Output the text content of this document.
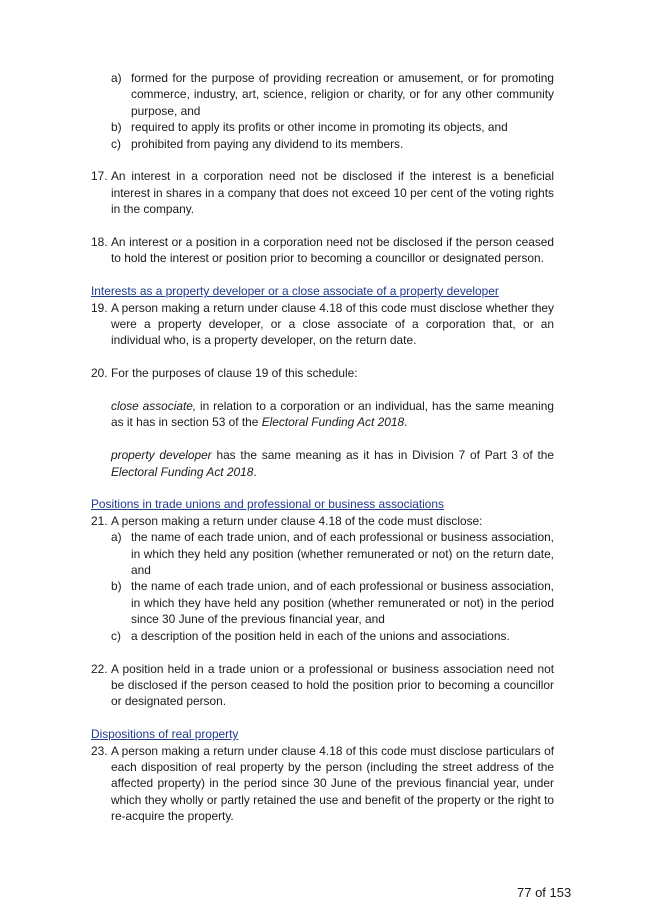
a) formed for the purpose of providing recreation or amusement, or for promoting commerce, industry, art, science, religion or charity, or for any other community purpose, and

b) required to apply its profits or other income in promoting its objects, and

c) prohibited from paying any dividend to its members.

17. An interest in a corporation need not be disclosed if the interest is a beneficial interest in shares in a company that does not exceed 10 per cent of the voting rights in the company.

18. An interest or a position in a corporation need not be disclosed if the person ceased to hold the interest or position prior to becoming a councillor or designated person.

Interests as a property developer or a close associate of a property developer

19. A person making a return under clause 4.18 of this code must disclose whether they were a property developer, or a close associate of a corporation that, or an individual who, is a property developer, on the return date.

20. For the purposes of clause 19 of this schedule:

close associate, in relation to a corporation or an individual, has the same meaning as it has in section 53 of the Electoral Funding Act 2018.

property developer has the same meaning as it has in Division 7 of Part 3 of the Electoral Funding Act 2018.

Positions in trade unions and professional or business associations

21. A person making a return under clause 4.18 of the code must disclose:

a) the name of each trade union, and of each professional or business association, in which they held any position (whether remunerated or not) on the return date, and

b) the name of each trade union, and of each professional or business association, in which they have held any position (whether remunerated or not) in the period since 30 June of the previous financial year, and

c) a description of the position held in each of the unions and associations.

22. A position held in a trade union or a professional or business association need not be disclosed if the person ceased to hold the position prior to becoming a councillor or designated person.

Dispositions of real property

23. A person making a return under clause 4.18 of this code must disclose particulars of each disposition of real property by the person (including the street address of the affected property) in the period since 30 June of the previous financial year, under which they wholly or partly retained the use and benefit of the property or the right to re-acquire the property.

77 of 153
